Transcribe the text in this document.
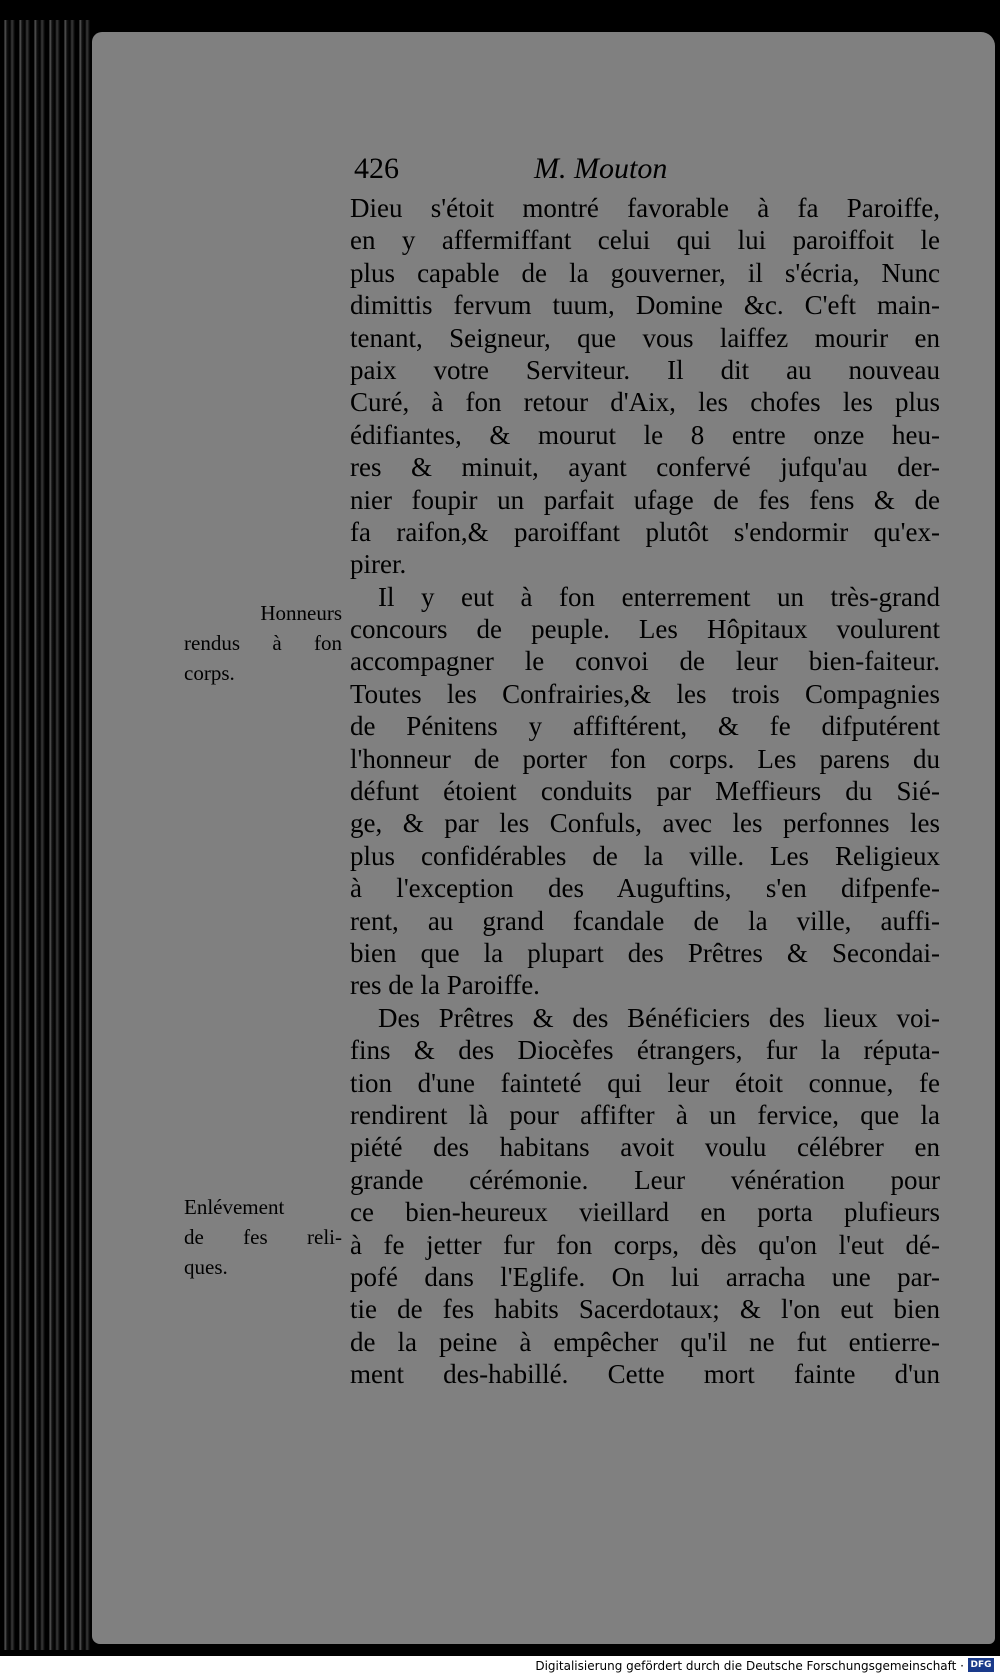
426	M. Mouton
Dieu s'étoit montré favorable à fa Paroiffe,
en y affermiffant celui qui lui paroiffoit le
plus capable de la gouverner, il s'écria, Nunc
dimittis fervum tuum, Domine &c. C'eft main-
tenant, Seigneur, que vous laiffez mourir en
paix votre Serviteur. Il dit au nouveau
Curé, à fon retour d'Aix, les chofes les plus
édifiantes, & mourut le 8 entre onze heu-
res & minuit, ayant confervé jufqu'au der-
nier foupir un parfait ufage de fes fens & de
fa raifon,& paroiffant plutôt s'endormir qu'ex-
pirer.
Il y eut à fon enterrement un très-grand
concours de peuple. Les Hôpitaux voulurent
accompagner le convoi de leur bien-faiteur.
Toutes les Confrairies,& les trois Compagnies
de Pénitens y affiftérent, & fe difputérent
l'honneur de porter fon corps. Les parens du
défunt étoient conduits par Meffieurs du Sié-
ge, & par les Confuls, avec les perfonnes les
plus confidérables de la ville. Les Religieux
à l'exception des Auguftins, s'en difpenfe-
rent, au grand fcandale de la ville, auffi-
bien que la plupart des Prêtres & Secondai-
res de la Paroiffe.
Des Prêtres & des Bénéficiers des lieux voi-
fins & des Diocèfes étrangers, fur la réputa-
tion d'une fainteté qui leur étoit connue, fe
rendirent là pour affifter à un fervice, que la
piété des habitans avoit voulu célébrer en
grande cérémonie. Leur vénération pour
ce bien-heureux vieillard en porta plufieurs
à fe jetter fur fon corps, dès qu'on l'eut dé-
pofé dans l'Eglife. On lui arracha une par-
tie de fes habits Sacerdotaux; & l'on eut bien
de la peine à empêcher qu'il ne fut entierre-
ment des-habillé. Cette mort fainte d'un
Honneurs
rendus à fon
corps.
Enlévement
de fes reli-
ques.
Digitalisierung gefördert durch die Deutsche Forschungsgemeinschaft · DFG
